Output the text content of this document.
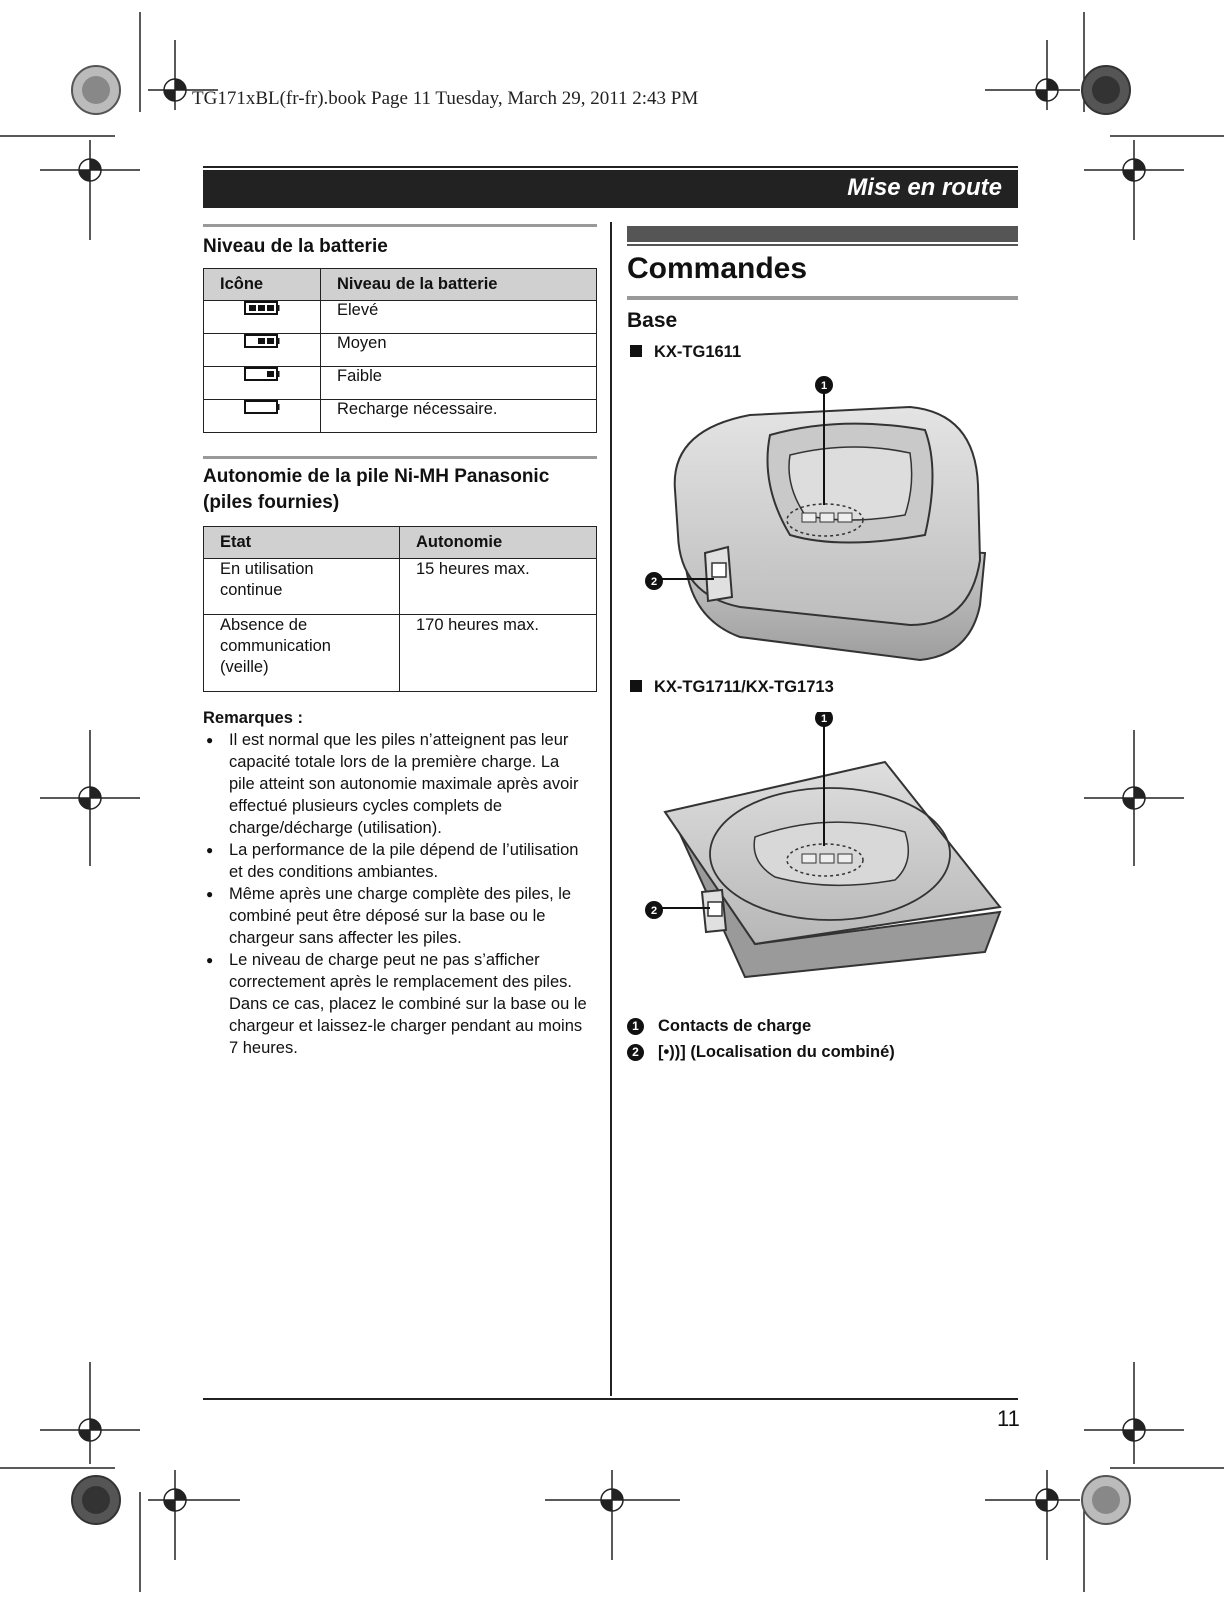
TG171xBL(fr-fr).book Page 11 Tuesday, March 29, 2011 2:43 PM
Mise en route
Niveau de la batterie
Icône	Niveau de la batterie
	Elevé
	Moyen
	Faible
	Recharge nécessaire.
Autonomie de la pile Ni-MH Panasonic
(piles fournies)
Etat	Autonomie

En utilisation
continue	15 heures max.

Absence de
communication
(veille)	170 heures max.
Remarques :
● Il est normal que les piles n’atteignent pas leur
capacité totale lors de la première charge. La
pile atteint son autonomie maximale après avoir
effectué plusieurs cycles complets de
charge/décharge (utilisation).
● La performance de la pile dépend de l’utilisation
et des conditions ambiantes.
● Même après une charge complète des piles, le
combiné peut être déposé sur la base ou le
chargeur sans affecter les piles.
● Le niveau de charge peut ne pas s’afficher
correctement après le remplacement des piles.
Dans ce cas, placez le combiné sur la base ou le
chargeur et laissez-le charger pendant au moins
7 heures.
Commandes
Base
KX-TG1611
1
2
KX-TG1711/KX-TG1713
1
2
1 Contacts de charge
2 [•))] (Localisation du combiné)
11
